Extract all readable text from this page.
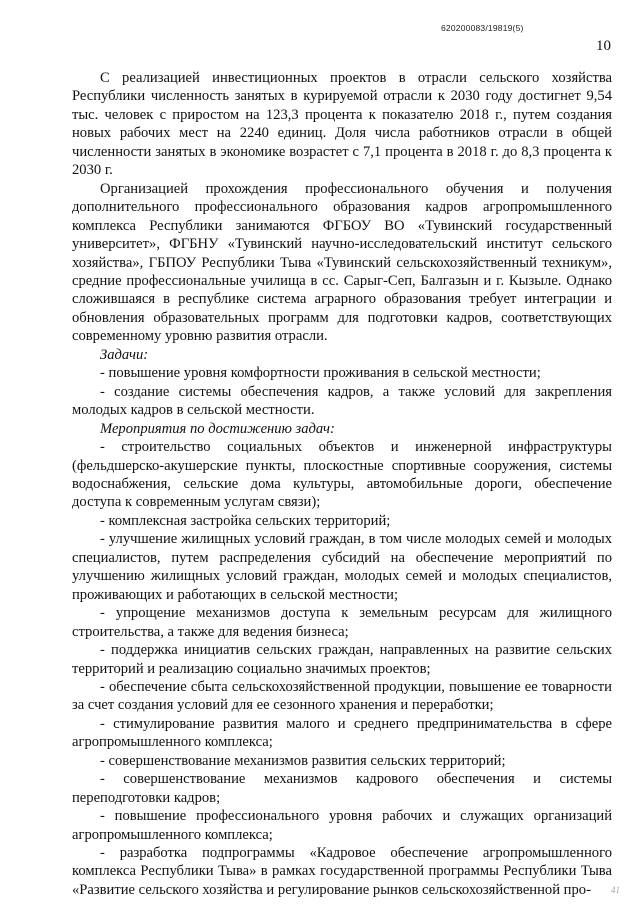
620200083/19819(5)
10

С реализацией инвестиционных проектов в отрасли сельского хозяйства Республики численность занятых в курируемой отрасли к 2030 году достигнет 9,54 тыс. человек с приростом на 123,3 процента к показателю 2018 г., путем создания новых рабочих мест на 2240 единиц. Доля числа работников отрасли в общей численности занятых в экономике возрастет с 7,1 процента в 2018 г. до 8,3 процента к 2030 г.

Организацией прохождения профессионального обучения и получения дополнительного профессионального образования кадров агропромышленного комплекса Республики занимаются ФГБОУ ВО «Тувинский государственный университет», ФГБНУ «Тувинский научно-исследовательский институт сельского хозяйства», ГБПОУ Республики Тыва «Тувинский сельскохозяйственный техникум», средние профессиональные училища в сс. Сарыг-Сеп, Балгазын и г. Кызыле. Однако сложившаяся в республике система аграрного образования требует интеграции и обновления образовательных программ для подготовки кадров, соответствующих современному уровню развития отрасли.

Задачи:

- повышение уровня комфортности проживания в сельской местности;

- создание системы обеспечения кадров, а также условий для закрепления молодых кадров в сельской местности.

Мероприятия по достижению задач:

- строительство социальных объектов и инженерной инфраструктуры (фельдшерско-акушерские пункты, плоскостные спортивные сооружения, системы водоснабжения, сельские дома культуры, автомобильные дороги, обеспечение доступа к современным услугам связи);

- комплексная застройка сельских территорий;

- улучшение жилищных условий граждан, в том числе молодых семей и молодых специалистов, путем распределения субсидий на обеспечение мероприятий по улучшению жилищных условий граждан, молодых семей и молодых специалистов, проживающих и работающих в сельской местности;

- упрощение механизмов доступа к земельным ресурсам для жилищного строительства, а также для ведения бизнеса;

- поддержка инициатив сельских граждан, направленных на развитие сельских территорий и реализацию социально значимых проектов;

- обеспечение сбыта сельскохозяйственной продукции, повышение ее товарности за счет создания условий для ее сезонного хранения и переработки;

- стимулирование развития малого и среднего предпринимательства в сфере агропромышленного комплекса;

- совершенствование механизмов развития сельских территорий;

- совершенствование механизмов кадрового обеспечения и системы переподготовки кадров;

- повышение профессионального уровня рабочих и служащих организаций агропромышленного комплекса;

- разработка подпрограммы «Кадровое обеспечение агропромышленного комплекса Республики Тыва» в рамках государственной программы Республики Тыва «Развитие сельского хозяйства и регулирование рынков сельскохозяйственной про-	41
